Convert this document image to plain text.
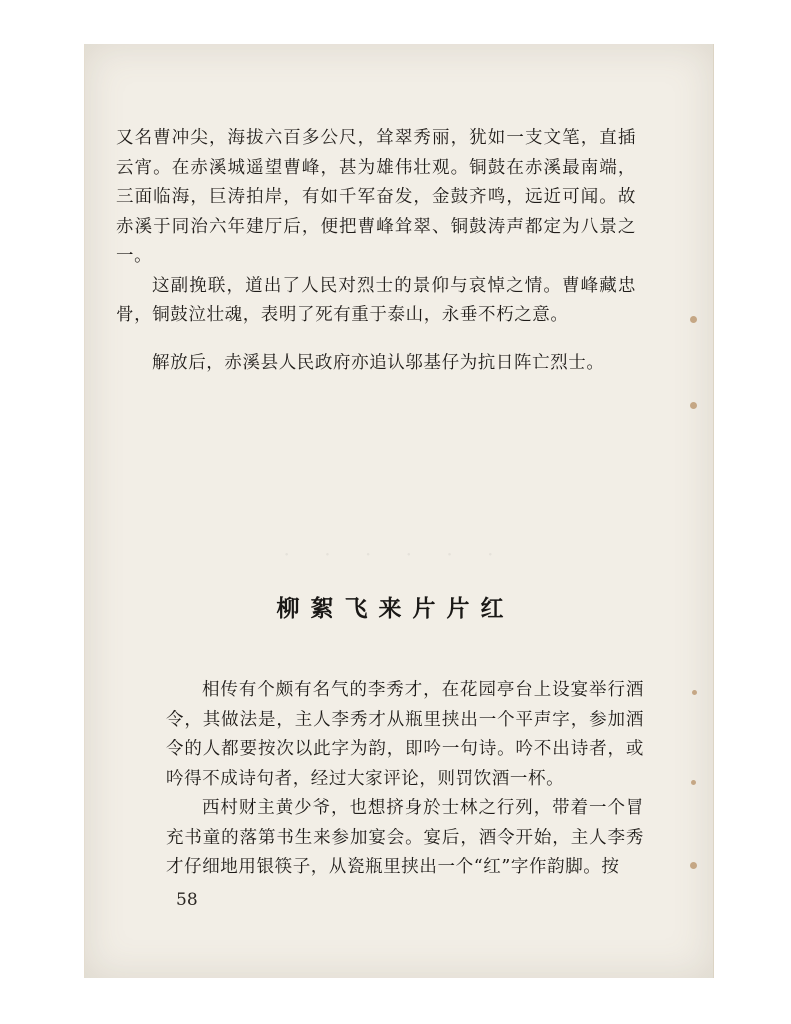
又名曹冲尖，海拔六百多公尺，耸翠秀丽，犹如一支文笔，直插云宵。在赤溪城遥望曹峰，甚为雄伟壮观。铜鼓在赤溪最南端，三面临海，巨涛拍岸，有如千军奋发，金鼓齐鸣，远近可闻。故赤溪于同治六年建厅后，便把曹峰耸翠、铜鼓涛声都定为八景之一。

这副挽联，道出了人民对烈士的景仰与哀悼之情。曹峰藏忠骨，铜鼓泣壮魂，表明了死有重于泰山，永垂不朽之意。

解放后，赤溪县人民政府亦追认邬基仔为抗日阵亡烈士。

· · · · · ·
柳絮飞来片片红

相传有个颇有名气的李秀才，在花园亭台上设宴举行酒令，其做法是，主人李秀才从瓶里挟出一个平声字，参加酒令的人都要按次以此字为韵，即吟一句诗。吟不出诗者，或吟得不成诗句者，经过大家评论，则罚饮酒一杯。

西村财主黄少爷，也想挤身於士林之行列，带着一个冒充书童的落第书生来参加宴会。宴后，酒令开始，主人李秀才仔细地用银筷子，从瓷瓶里挟出一个“红”字作韵脚。按

58
